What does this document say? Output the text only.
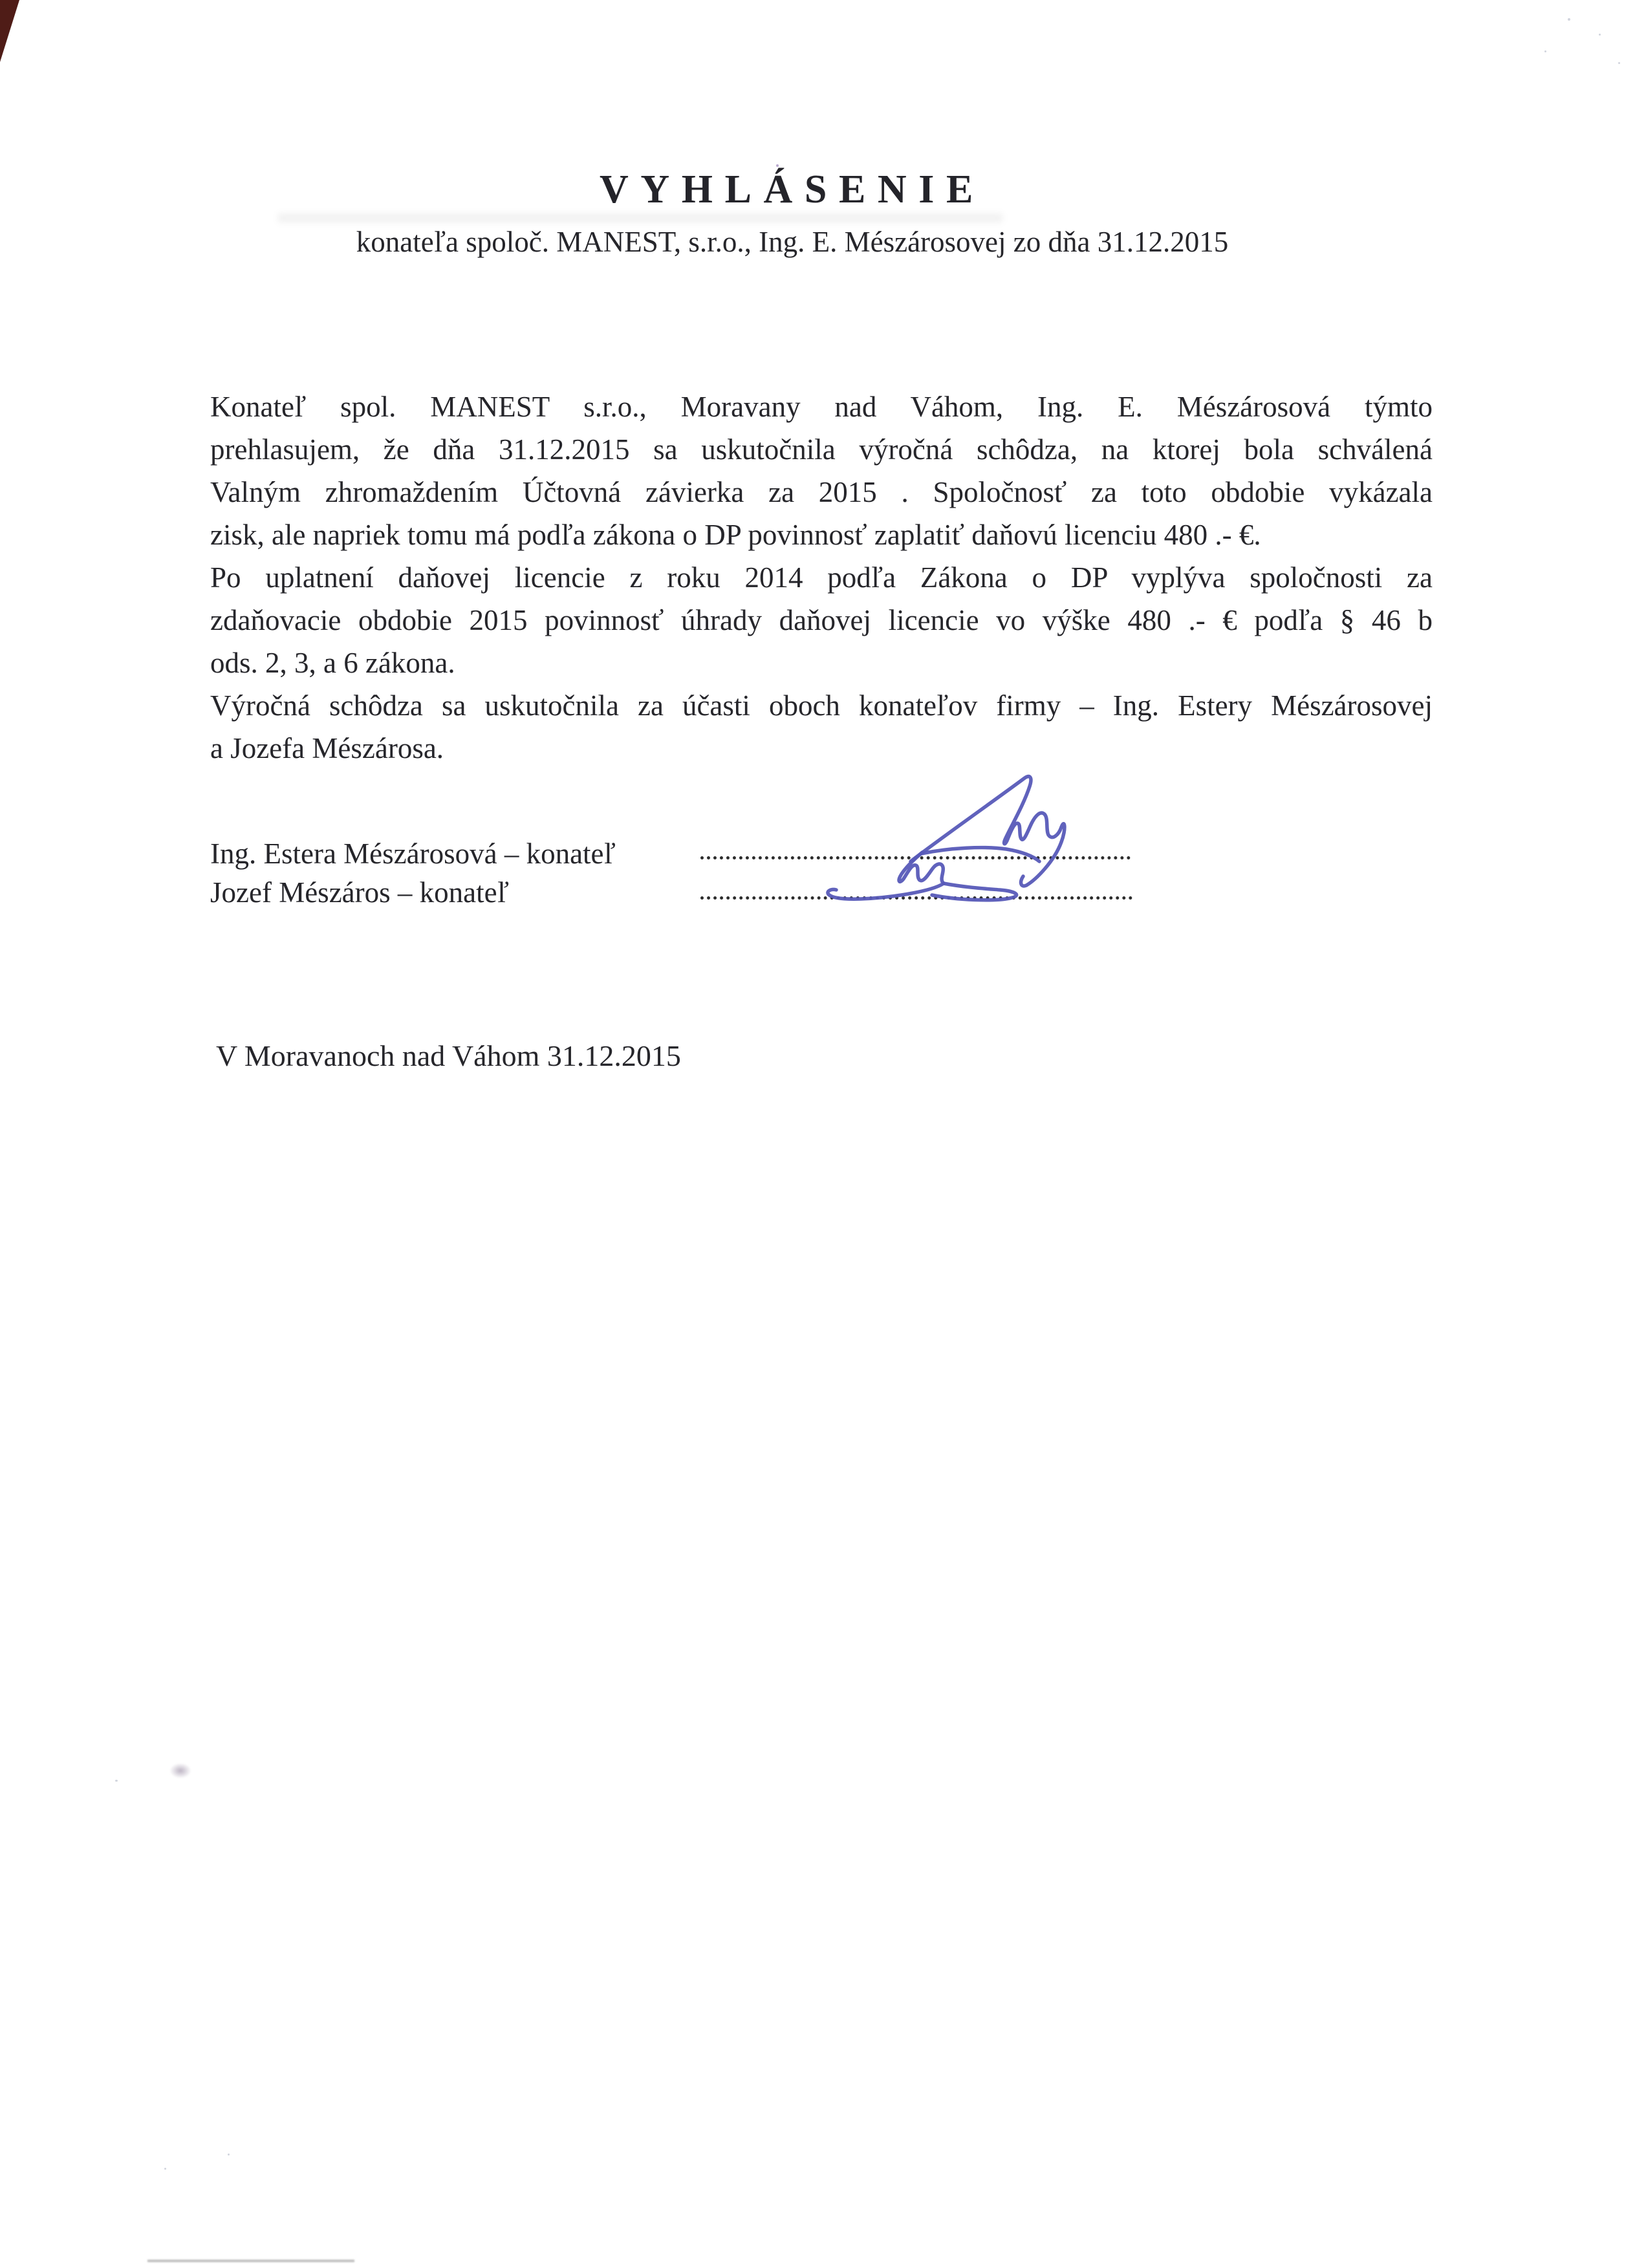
VYHLÁSENIE
konateľa spoloč. MANEST, s.r.o., Ing. E. Mészárosovej zo dňa 31.12.2015
Konateľ spol. MANEST s.r.o., Moravany nad Váhom, Ing. E. Mészárosová týmto
prehlasujem, že dňa 31.12.2015 sa uskutočnila výročná schôdza, na ktorej bola schválená
Valným zhromaždením Účtovná závierka za 2015 . Spoločnosť za toto obdobie vykázala
zisk, ale napriek tomu má podľa zákona o DP povinnosť zaplatiť daňovú licenciu 480 .- €.
Po uplatnení daňovej licencie z roku 2014 podľa Zákona o DP vyplýva spoločnosti za
zdaňovacie obdobie 2015 povinnosť úhrady daňovej licencie vo výške 480 .- € podľa § 46 b
ods. 2, 3, a 6 zákona.
Výročná schôdza sa uskutočnila za účasti oboch konateľov firmy – Ing. Estery Mészárosovej
a Jozefa Mészárosa.
Ing. Estera Mészárosová – konateľ
Jozef Mészáros – konateľ
V Moravanoch nad Váhom 31.12.2015
